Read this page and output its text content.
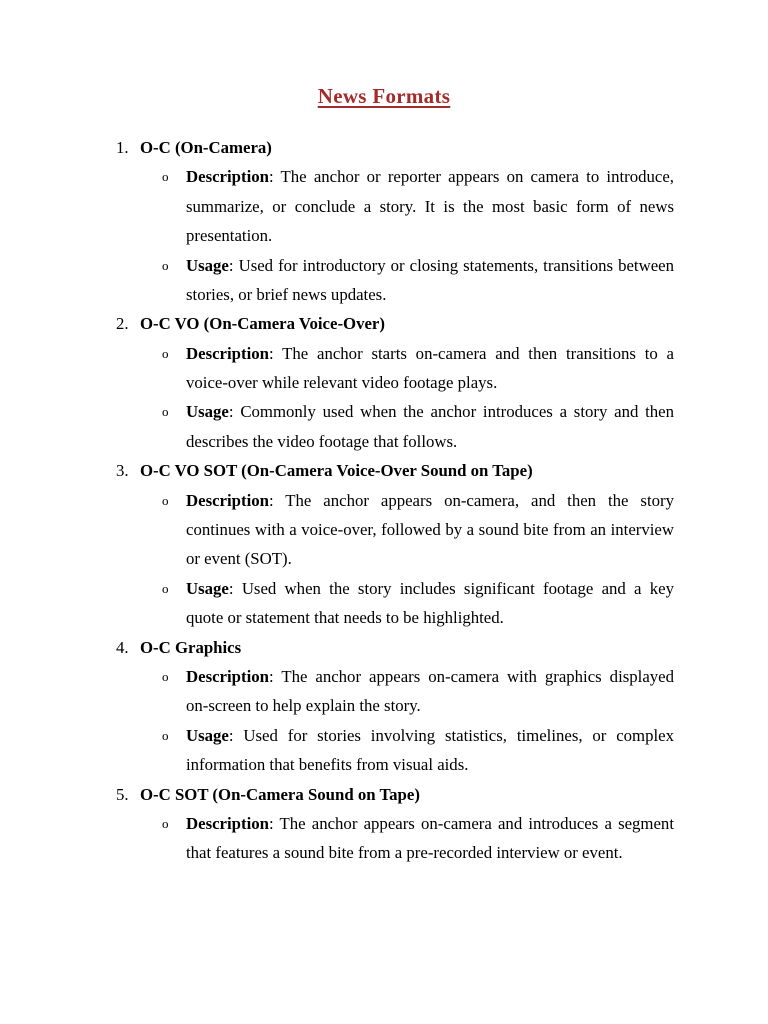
News Formats
1. O-C (On-Camera)
o Description: The anchor or reporter appears on camera to introduce, summarize, or conclude a story. It is the most basic form of news presentation.
o Usage: Used for introductory or closing statements, transitions between stories, or brief news updates.
2. O-C VO (On-Camera Voice-Over)
o Description: The anchor starts on-camera and then transitions to a voice-over while relevant video footage plays.
o Usage: Commonly used when the anchor introduces a story and then describes the video footage that follows.
3. O-C VO SOT (On-Camera Voice-Over Sound on Tape)
o Description: The anchor appears on-camera, and then the story continues with a voice-over, followed by a sound bite from an interview or event (SOT).
o Usage: Used when the story includes significant footage and a key quote or statement that needs to be highlighted.
4. O-C Graphics
o Description: The anchor appears on-camera with graphics displayed on-screen to help explain the story.
o Usage: Used for stories involving statistics, timelines, or complex information that benefits from visual aids.
5. O-C SOT (On-Camera Sound on Tape)
o Description: The anchor appears on-camera and introduces a segment that features a sound bite from a pre-recorded interview or event.
